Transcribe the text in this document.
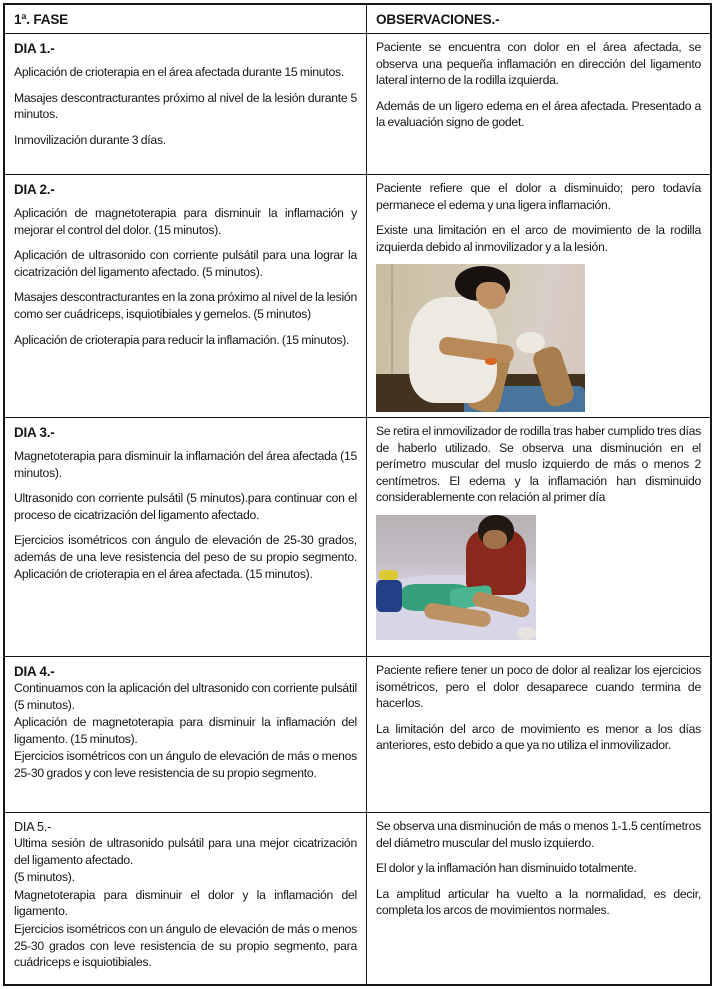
1ª. FASE	OBSERVACIONES.-
DIA 1.-

Aplicación de crioterapia en el área afectada durante 15 minutos.

Masajes descontracturantes próximo al nivel de la lesión durante 5 minutos.

Inmovilización durante 3 días.

Paciente se encuentra con dolor en el área afectada, se observa una pequeña inflamación en dirección del ligamento lateral interno de la rodilla izquierda.

Además de un ligero edema en el área afectada. Presentado a la evaluación signo de godet.

DIA 2.-

Aplicación de magnetoterapia para disminuir la inflamación y mejorar el control del dolor. (15 minutos).

Aplicación de ultrasonido con corriente pulsátil para una lograr la cicatrización del ligamento afectado. (5 minutos).

Masajes descontracturantes en la zona próximo al nivel de la lesión como ser cuádriceps, isquiotibiales y gemelos. (5 minutos)

Aplicación de crioterapia para reducir la inflamación. (15 minutos).

Paciente refiere que el dolor a disminuido; pero todavía permanece el edema y una ligera inflamación.

Existe una limitación en el arco de movimiento de la rodilla izquierda debido al inmovilizador y a la lesión.

DIA 3.-

Magnetoterapia para disminuir la inflamación del área afectada (15 minutos).

Ultrasonido con corriente pulsátil (5 minutos).para continuar con el proceso de cicatrización del ligamento afectado.

Ejercicios isométricos con ángulo de elevación de 25-30 grados, además de una leve resistencia del peso de su propio segmento. Aplicación de crioterapia en el área afectada. (15 minutos).

Se retira el inmovilizador de rodilla tras haber cumplido tres días de haberlo utilizado. Se observa una disminución en el perímetro muscular del muslo izquierdo de más o menos 2 centímetros. El edema y la inflamación han disminuido considerablemente con relación al primer día

DIA 4.-

Continuamos con la aplicación del ultrasonido con corriente pulsátil (5 minutos).

Aplicación de magnetoterapia para disminuir la inflamación del ligamento. (15 minutos).

Ejercicios isométricos con un ángulo de elevación de más o menos 25-30 grados y con leve resistencia de su propio segmento.

Paciente refiere tener un poco de dolor al realizar los ejercicios isométricos, pero el dolor desaparece cuando termina de hacerlos.

La limitación del arco de movimiento es menor a los días anteriores, esto debido a que ya no utiliza el inmovilizador.

DIA 5.-

Ultima sesión de ultrasonido pulsátil para una mejor cicatrización del ligamento afectado.

(5 minutos).

Magnetoterapia para disminuir el dolor y la inflamación del ligamento.

Ejercicios isométricos con un ángulo de elevación de más o menos 25-30 grados con leve resistencia de su propio segmento, para cuádriceps e isquiotibiales.

Se observa una disminución de más o menos 1-1.5 centímetros del diámetro muscular del muslo izquierdo.

El dolor y la inflamación han disminuido totalmente.

La amplitud articular ha vuelto a la normalidad, es decir, completa los arcos de movimientos normales.
